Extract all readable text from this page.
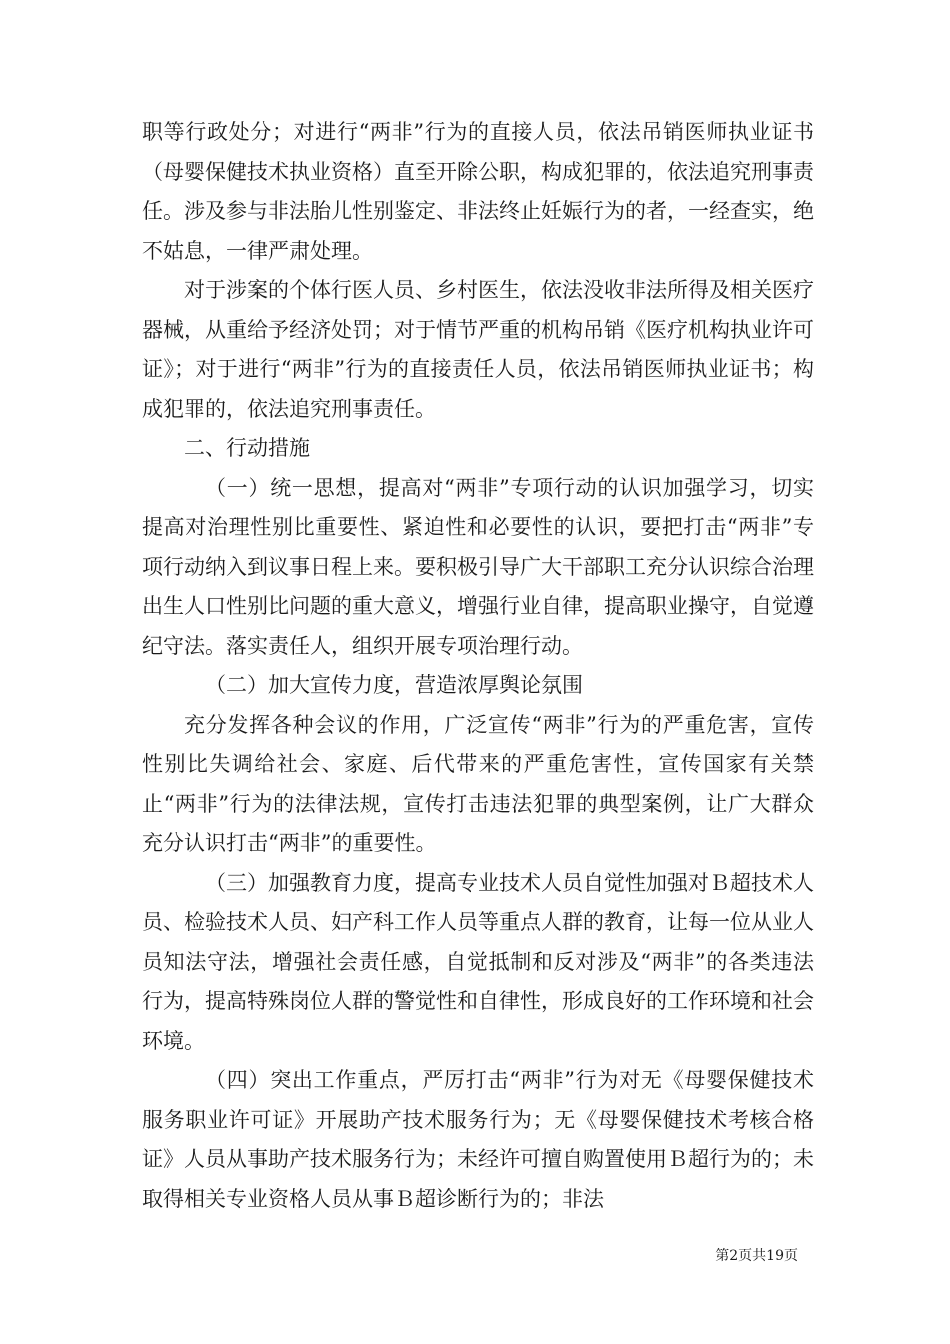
职等行政处分；对进行“两非”行为的直接人员，依法吊销医师执业证书（母婴保健技术执业资格）直至开除公职，构成犯罪的，依法追究刑事责任。涉及参与非法胎儿性别鉴定、非法终止妊娠行为的者，一经查实，绝不姑息，一律严肃处理。

对于涉案的个体行医人员、乡村医生，依法没收非法所得及相关医疗器械，从重给予经济处罚；对于情节严重的机构吊销《医疗机构执业许可证》；对于进行“两非”行为的直接责任人员，依法吊销医师执业证书；构成犯罪的，依法追究刑事责任。

二、行动措施

（一）统一思想，提高对“两非”专项行动的认识加强学习，切实提高对治理性别比重要性、紧迫性和必要性的认识，要把打击“两非”专项行动纳入到议事日程上来。要积极引导广大干部职工充分认识综合治理出生人口性别比问题的重大意义，增强行业自律，提高职业操守，自觉遵纪守法。落实责任人，组织开展专项治理行动。

（二）加大宣传力度，营造浓厚舆论氛围

充分发挥各种会议的作用，广泛宣传“两非”行为的严重危害，宣传性别比失调给社会、家庭、后代带来的严重危害性，宣传国家有关禁止“两非”行为的法律法规，宣传打击违法犯罪的典型案例，让广大群众充分认识打击“两非”的重要性。

（三）加强教育力度，提高专业技术人员自觉性加强对Ｂ超技术人员、检验技术人员、妇产科工作人员等重点人群的教育，让每一位从业人员知法守法，增强社会责任感，自觉抵制和反对涉及“两非”的各类违法行为，提高特殊岗位人群的警觉性和自律性，形成良好的工作环境和社会环境。

（四）突出工作重点，严厉打击“两非”行为对无《母婴保健技术服务职业许可证》开展助产技术服务行为；无《母婴保健技术考核合格证》人员从事助产技术服务行为；未经许可擅自购置使用Ｂ超行为的；未取得相关专业资格人员从事Ｂ超诊断行为的；非法

第2页共19页
